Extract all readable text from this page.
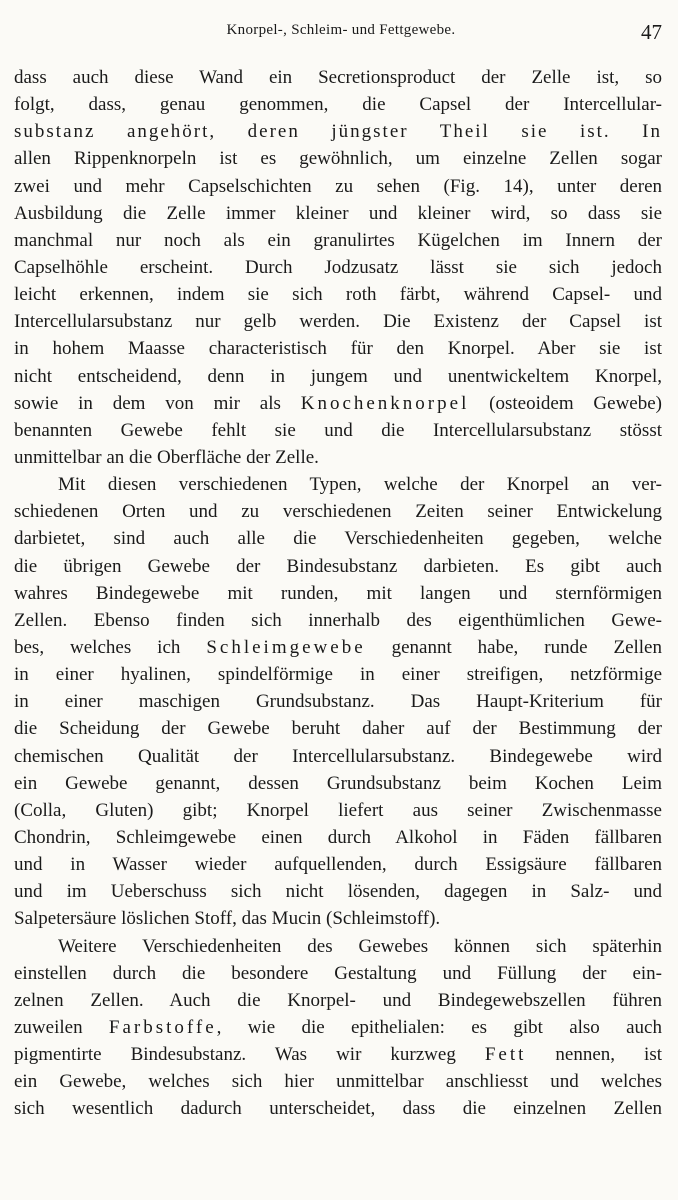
Knorpel-, Schleim- und Fettgewebe.	47
dass auch diese Wand ein Secretionsproduct der Zelle ist, so
folgt, dass, genau genommen, die Capsel der Intercellular-
substanz angehört, deren jüngster Theil sie ist. In
allen Rippenknorpeln ist es gewöhnlich, um einzelne Zellen sogar
zwei und mehr Capselschichten zu sehen (Fig. 14), unter deren
Ausbildung die Zelle immer kleiner und kleiner wird, so dass sie
manchmal nur noch als ein granulirtes Kügelchen im Innern der
Capselhöhle erscheint. Durch Jodzusatz lässt sie sich jedoch
leicht erkennen, indem sie sich roth färbt, während Capsel- und
Intercellularsubstanz nur gelb werden. Die Existenz der Capsel ist
in hohem Maasse characteristisch für den Knorpel. Aber sie ist
nicht entscheidend, denn in jungem und unentwickeltem Knorpel,
sowie in dem von mir als Knochenknorpel (osteoidem Gewebe)
benannten Gewebe fehlt sie und die Intercellularsubstanz stösst
unmittelbar an die Oberfläche der Zelle.
Mit diesen verschiedenen Typen, welche der Knorpel an ver-
schiedenen Orten und zu verschiedenen Zeiten seiner Entwickelung
darbietet, sind auch alle die Verschiedenheiten gegeben, welche
die übrigen Gewebe der Bindesubstanz darbieten. Es gibt auch
wahres Bindegewebe mit runden, mit langen und sternförmigen
Zellen. Ebenso finden sich innerhalb des eigenthümlichen Gewe-
bes, welches ich Schleimgewebe genannt habe, runde Zellen
in einer hyalinen, spindelförmige in einer streifigen, netzförmige
in einer maschigen Grundsubstanz. Das Haupt-Kriterium für
die Scheidung der Gewebe beruht daher auf der Bestimmung der
chemischen Qualität der Intercellularsubstanz. Bindegewebe wird
ein Gewebe genannt, dessen Grundsubstanz beim Kochen Leim
(Colla, Gluten) gibt; Knorpel liefert aus seiner Zwischenmasse
Chondrin, Schleimgewebe einen durch Alkohol in Fäden fällbaren
und in Wasser wieder aufquellenden, durch Essigsäure fällbaren
und im Ueberschuss sich nicht lösenden, dagegen in Salz- und
Salpetersäure löslichen Stoff, das Mucin (Schleimstoff).
Weitere Verschiedenheiten des Gewebes können sich späterhin
einstellen durch die besondere Gestaltung und Füllung der ein-
zelnen Zellen. Auch die Knorpel- und Bindegewebszellen führen
zuweilen Farbstoffe, wie die epithelialen: es gibt also auch
pigmentirte Bindesubstanz. Was wir kurzweg Fett nennen, ist
ein Gewebe, welches sich hier unmittelbar anschliesst und welches
sich wesentlich dadurch unterscheidet, dass die einzelnen Zellen
